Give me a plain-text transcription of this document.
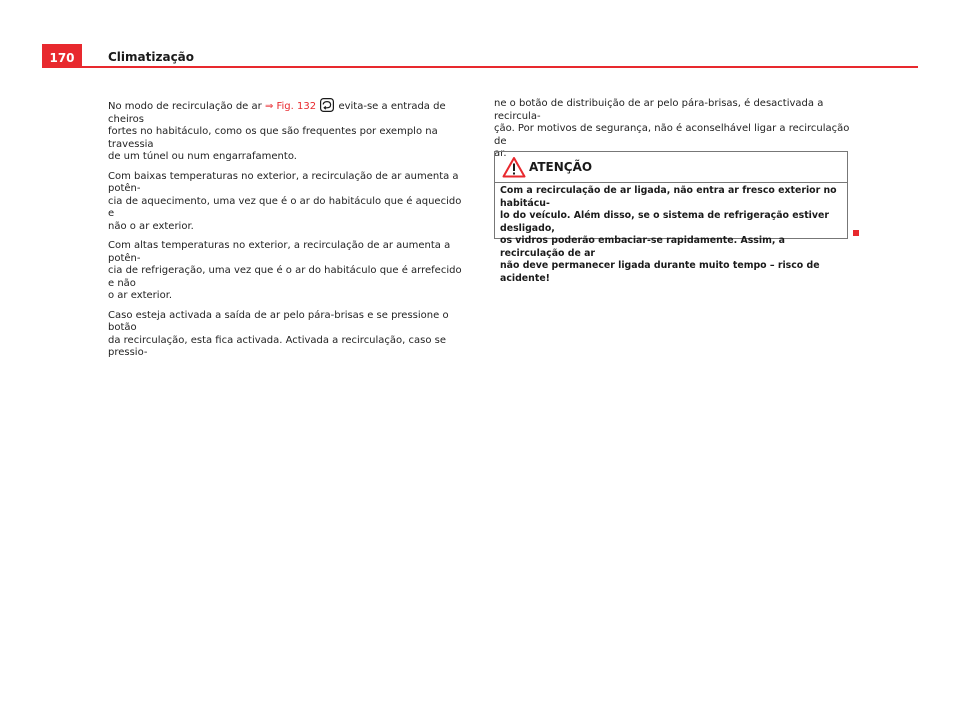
170	Climatização
No modo de recirculação de ar ⇒ Fig. 132  evita-se a entrada de cheiros
fortes no habitáculo, como os que são frequentes por exemplo na travessia
de um túnel ou num engarrafamento.
Com baixas temperaturas no exterior, a recirculação de ar aumenta a potên-
cia de aquecimento, uma vez que é o ar do habitáculo que é aquecido e
não o ar exterior.
Com altas temperaturas no exterior, a recirculação de ar aumenta a potên-
cia de refrigeração, uma vez que é o ar do habitáculo que é arrefecido e não
o ar exterior.
Caso esteja activada a saída de ar pelo pára-brisas e se pressione o botão
da recirculação, esta fica activada. Activada a recirculação, caso se pressio-
ne o botão de distribuição de ar pelo pára-brisas, é desactivada a recircula-
ção. Por motivos de segurança, não é aconselhável ligar a recirculação de
ar.
ATENÇÃO
Com a recirculação de ar ligada, não entra ar fresco exterior no habitácu-
lo do veículo. Além disso, se o sistema de refrigeração estiver desligado,
os vidros poderão embaciar-se rapidamente. Assim, a recirculação de ar
não deve permanecer ligada durante muito tempo – risco de acidente!
